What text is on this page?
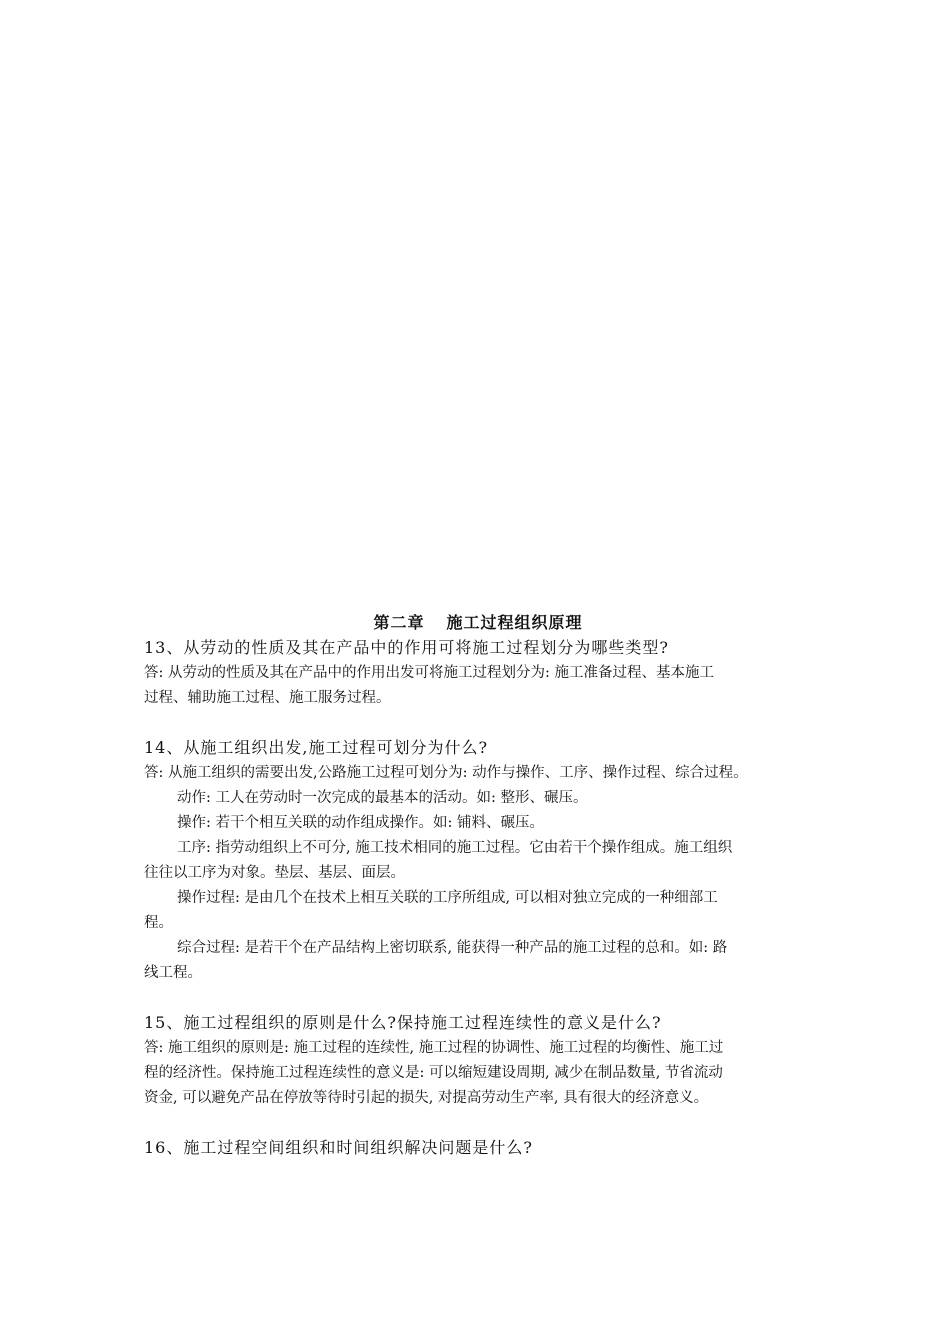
第二章 施工过程组织原理

13、从劳动的性质及其在产品中的作用可将施工过程划分为哪些类型?

答: 从劳动的性质及其在产品中的作用出发可将施工过程划分为: 施工准备过程、基本施工
过程、辅助施工过程、施工服务过程。

14、从施工组织出发,施工过程可划分为什么?

答: 从施工组织的需要出发,公路施工过程可划分为: 动作与操作、工序、操作过程、综合过程。
动作: 工人在劳动时一次完成的最基本的活动。如: 整形、碾压。
操作: 若干个相互关联的动作组成操作。如: 铺料、碾压。
工序: 指劳动组织上不可分, 施工技术相同的施工过程。它由若干个操作组成。施工组织
往往以工序为对象。垫层、基层、面层。
操作过程: 是由几个在技术上相互关联的工序所组成, 可以相对独立完成的一种细部工
程。
综合过程: 是若干个在产品结构上密切联系, 能获得一种产品的施工过程的总和。如: 路
线工程。

15、施工过程组织的原则是什么?保持施工过程连续性的意义是什么?

答: 施工组织的原则是: 施工过程的连续性, 施工过程的协调性、施工过程的均衡性、施工过
程的经济性。保持施工过程连续性的意义是: 可以缩短建设周期, 减少在制品数量, 节省流动
资金, 可以避免产品在停放等待时引起的损失, 对提高劳动生产率, 具有很大的经济意义。

16、施工过程空间组织和时间组织解决问题是什么?
